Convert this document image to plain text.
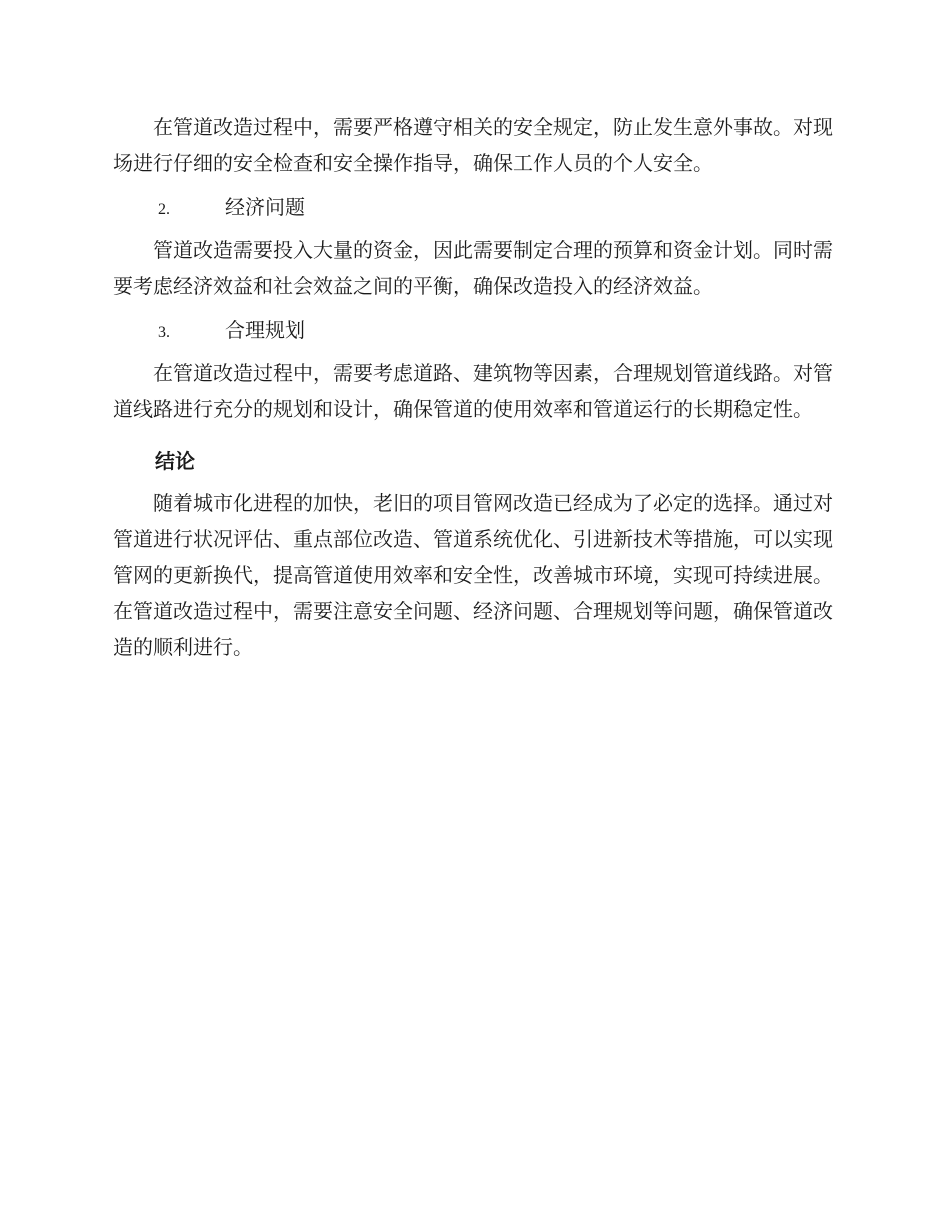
在管道改造过程中，需要严格遵守相关的安全规定，防止发生意外事故。对现场进行仔细的安全检查和安全操作指导，确保工作人员的个人安全。

2.	经济问题

管道改造需要投入大量的资金，因此需要制定合理的预算和资金计划。同时需要考虑经济效益和社会效益之间的平衡，确保改造投入的经济效益。

3.	合理规划

在管道改造过程中，需要考虑道路、建筑物等因素，合理规划管道线路。对管道线路进行充分的规划和设计，确保管道的使用效率和管道运行的长期稳定性。

结论

随着城市化进程的加快，老旧的项目管网改造已经成为了必定的选择。通过对管道进行状况评估、重点部位改造、管道系统优化、引进新技术等措施，可以实现管网的更新换代，提高管道使用效率和安全性，改善城市环境，实现可持续进展。在管道改造过程中，需要注意安全问题、经济问题、合理规划等问题，确保管道改造的顺利进行。
